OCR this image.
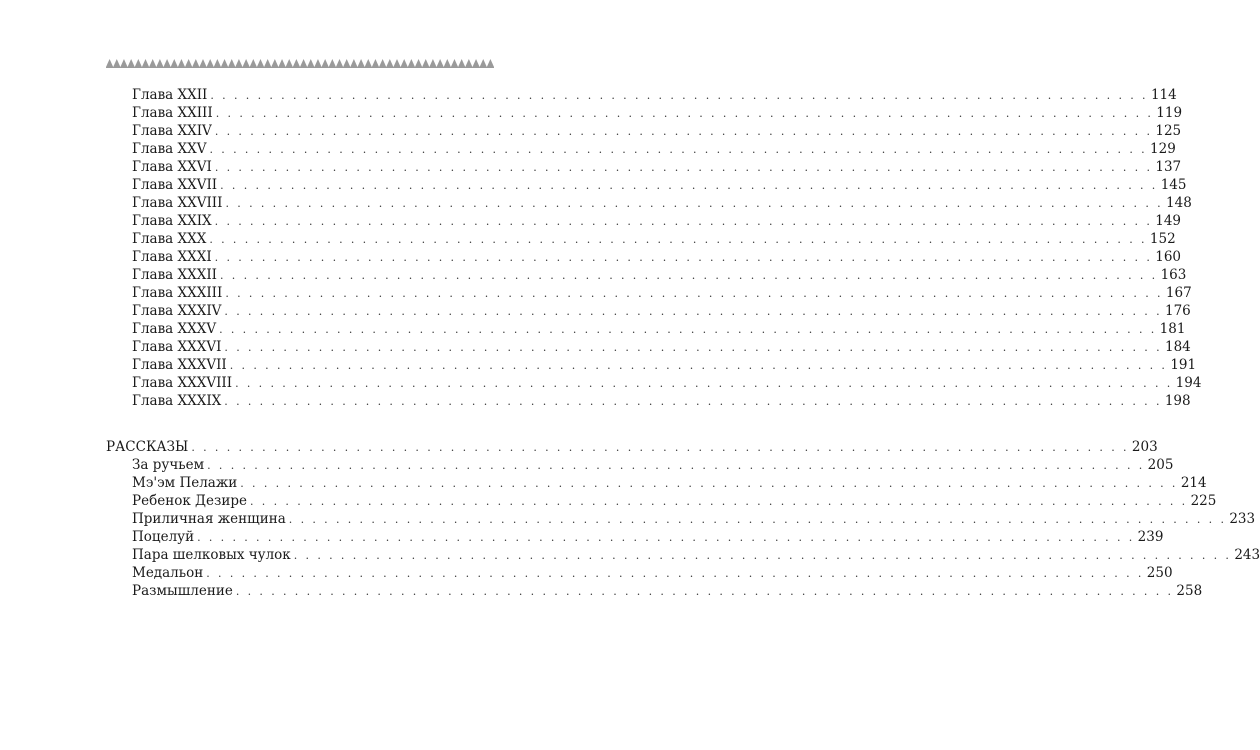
Глава XXII . . . . . . . . . . . . . . . . . . . . . . . . . . . . . . . . . . . . . . . . . . . . . . . . . . . . . . . . . . . . . . . . . . . . . . . . . . . . . . . . 114
Глава XXIII . . . . . . . . . . . . . . . . . . . . . . . . . . . . . . . . . . . . . . . . . . . . . . . . . . . . . . . . . . . . . . . . . . . . . . . . . . . . . . . . 119
Глава XXIV . . . . . . . . . . . . . . . . . . . . . . . . . . . . . . . . . . . . . . . . . . . . . . . . . . . . . . . . . . . . . . . . . . . . . . . . . . . . . . . . 125
Глава XXV . . . . . . . . . . . . . . . . . . . . . . . . . . . . . . . . . . . . . . . . . . . . . . . . . . . . . . . . . . . . . . . . . . . . . . . . . . . . . . . . 129
Глава XXVI . . . . . . . . . . . . . . . . . . . . . . . . . . . . . . . . . . . . . . . . . . . . . . . . . . . . . . . . . . . . . . . . . . . . . . . . . . . . . . . . 137
Глава XXVII . . . . . . . . . . . . . . . . . . . . . . . . . . . . . . . . . . . . . . . . . . . . . . . . . . . . . . . . . . . . . . . . . . . . . . . . . . . . . . . . 145
Глава XXVIII . . . . . . . . . . . . . . . . . . . . . . . . . . . . . . . . . . . . . . . . . . . . . . . . . . . . . . . . . . . . . . . . . . . . . . . . . . . . . . . . 148
Глава XXIX . . . . . . . . . . . . . . . . . . . . . . . . . . . . . . . . . . . . . . . . . . . . . . . . . . . . . . . . . . . . . . . . . . . . . . . . . . . . . . . . 149
Глава XXX . . . . . . . . . . . . . . . . . . . . . . . . . . . . . . . . . . . . . . . . . . . . . . . . . . . . . . . . . . . . . . . . . . . . . . . . . . . . . . . . 152
Глава XXXI . . . . . . . . . . . . . . . . . . . . . . . . . . . . . . . . . . . . . . . . . . . . . . . . . . . . . . . . . . . . . . . . . . . . . . . . . . . . . . . . 160
Глава XXXII . . . . . . . . . . . . . . . . . . . . . . . . . . . . . . . . . . . . . . . . . . . . . . . . . . . . . . . . . . . . . . . . . . . . . . . . . . . . . . . . 163
Глава XXXIII . . . . . . . . . . . . . . . . . . . . . . . . . . . . . . . . . . . . . . . . . . . . . . . . . . . . . . . . . . . . . . . . . . . . . . . . . . . . . . . . 167
Глава XXXIV . . . . . . . . . . . . . . . . . . . . . . . . . . . . . . . . . . . . . . . . . . . . . . . . . . . . . . . . . . . . . . . . . . . . . . . . . . . . . . . . 176
Глава XXXV . . . . . . . . . . . . . . . . . . . . . . . . . . . . . . . . . . . . . . . . . . . . . . . . . . . . . . . . . . . . . . . . . . . . . . . . . . . . . . . . 181
Глава XXXVI . . . . . . . . . . . . . . . . . . . . . . . . . . . . . . . . . . . . . . . . . . . . . . . . . . . . . . . . . . . . . . . . . . . . . . . . . . . . . . . . 184
Глава XXXVII . . . . . . . . . . . . . . . . . . . . . . . . . . . . . . . . . . . . . . . . . . . . . . . . . . . . . . . . . . . . . . . . . . . . . . . . . . . . . . . . 191
Глава XXXVIII . . . . . . . . . . . . . . . . . . . . . . . . . . . . . . . . . . . . . . . . . . . . . . . . . . . . . . . . . . . . . . . . . . . . . . . . . . . . . . . . 194
Глава XXXIX . . . . . . . . . . . . . . . . . . . . . . . . . . . . . . . . . . . . . . . . . . . . . . . . . . . . . . . . . . . . . . . . . . . . . . . . . . . . . . . . 198
РАССКАЗЫ . . . . . . . . . . . . . . . . . . . . . . . . . . . . . . . . . . . . . . . . . . . . . . . . . . . . . . . . . . . . . . . . . . . . . . . . . . . . . . . . 203
За ручьем . . . . . . . . . . . . . . . . . . . . . . . . . . . . . . . . . . . . . . . . . . . . . . . . . . . . . . . . . . . . . . . . . . . . . . . . . . . . . . . . 205
Мэ'эм Пелажи . . . . . . . . . . . . . . . . . . . . . . . . . . . . . . . . . . . . . . . . . . . . . . . . . . . . . . . . . . . . . . . . . . . . . . . . . . . . . . . . 214
Ребенок Дезире . . . . . . . . . . . . . . . . . . . . . . . . . . . . . . . . . . . . . . . . . . . . . . . . . . . . . . . . . . . . . . . . . . . . . . . . . . . . . . . . 225
Приличная женщина . . . . . . . . . . . . . . . . . . . . . . . . . . . . . . . . . . . . . . . . . . . . . . . . . . . . . . . . . . . . . . . . . . . . . . . . . . . . . . . . 233
Поцелуй . . . . . . . . . . . . . . . . . . . . . . . . . . . . . . . . . . . . . . . . . . . . . . . . . . . . . . . . . . . . . . . . . . . . . . . . . . . . . . . . 239
Пара шелковых чулок . . . . . . . . . . . . . . . . . . . . . . . . . . . . . . . . . . . . . . . . . . . . . . . . . . . . . . . . . . . . . . . . . . . . . . . . . . . . . . . . 243
Медальон . . . . . . . . . . . . . . . . . . . . . . . . . . . . . . . . . . . . . . . . . . . . . . . . . . . . . . . . . . . . . . . . . . . . . . . . . . . . . . . . 250
Размышление . . . . . . . . . . . . . . . . . . . . . . . . . . . . . . . . . . . . . . . . . . . . . . . . . . . . . . . . . . . . . . . . . . . . . . . . . . . . . . . . 258
